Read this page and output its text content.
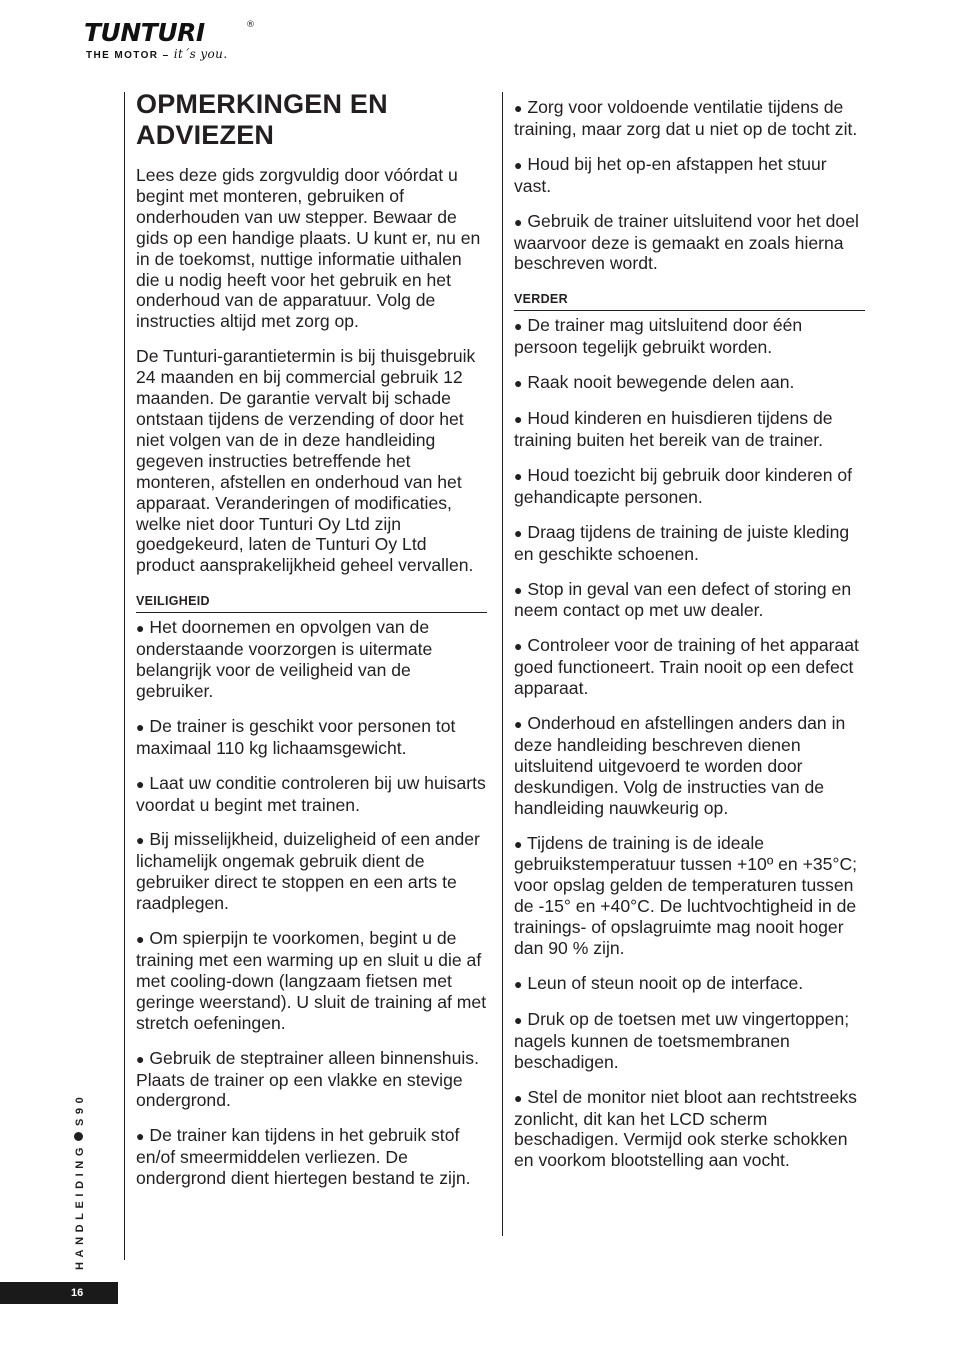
TUNTURI	®
THE MOTOR – it´s you.
OPMERKINGEN EN ADVIEZEN

Lees deze gids zorgvuldig door vóórdat u begint met monteren, gebruiken of onderhouden van uw stepper. Bewaar de gids op een handige plaats. U kunt er, nu en in de toekomst, nuttige informatie uithalen die u nodig heeft voor het gebruik en het onderhoud van de apparatuur. Volg de instructies altijd met zorg op.

De Tunturi-garantietermin is bij thuisgebruik 24 maanden en bij commercial gebruik 12 maanden. De garantie vervalt bij schade ontstaan tijdens de verzending of door het niet volgen van de in deze handleiding gegeven instructies betreffende het monteren, afstellen en onderhoud van het apparaat. Veranderingen of modificaties, welke niet door Tunturi Oy Ltd zijn goedgekeurd, laten de Tunturi Oy Ltd product aansprakelijkheid geheel vervallen.

VEILIGHEID

● Het doornemen en opvolgen van de onderstaande voorzorgen is uitermate belangrijk voor de veiligheid van de gebruiker.

● De trainer is geschikt voor personen tot maximaal 110 kg lichaamsgewicht.

● Laat uw conditie controleren bij uw huisarts voordat u begint met trainen.

● Bij misselijkheid, duizeligheid of een ander lichamelijk ongemak gebruik dient de gebruiker direct te stoppen en een arts te raadplegen.

● Om spierpijn te voorkomen, begint u de training met een warming up en sluit u die af met cooling-down (langzaam fietsen met geringe weerstand). U sluit de training af met stretch oefeningen.

● Gebruik de steptrainer alleen binnenshuis. Plaats de trainer op een vlakke en stevige ondergrond.

● De trainer kan tijdens in het gebruik stof en/of smeermiddelen verliezen. De ondergrond dient hiertegen bestand te zijn.

● Zorg voor voldoende ventilatie tijdens de training, maar zorg dat u niet op de tocht zit.

● Houd bij het op-en afstappen het stuur vast.

● Gebruik de trainer uitsluitend voor het doel waarvoor deze is gemaakt en zoals hierna beschreven wordt.

VERDER

● De trainer mag uitsluitend door één persoon tegelijk gebruikt worden.

● Raak nooit bewegende delen aan.

● Houd kinderen en huisdieren tijdens de training buiten het bereik van de trainer.

● Houd toezicht bij gebruik door kinderen of gehandicapte personen.

● Draag tijdens de training de juiste kleding en geschikte schoenen.

● Stop in geval van een defect of storing en neem contact op met uw dealer.

● Controleer voor de training of het apparaat goed functioneert. Train nooit op een defect apparaat.

● Onderhoud en afstellingen anders dan in deze handleiding beschreven dienen uitsluitend uitgevoerd te worden door deskundigen. Volg de instructies van de handleiding nauwkeurig op.

● Tijdens de training is de ideale gebruikstemperatuur tussen +10º en +35°C; voor opslag gelden de temperaturen tussen de -15° en +40°C. De luchtvochtigheid in de trainings- of opslagruimte mag nooit hoger dan 90 % zijn.

● Leun of steun nooit op de interface.

● Druk op de toetsen met uw vingertoppen; nagels kunnen de toetsmembranen beschadigen.

● Stel de monitor niet bloot aan rechtstreeks zonlicht, dit kan het LCD scherm beschadigen. Vermijd ook sterke schokken en voorkom blootstelling aan vocht.

HANDLEIDINGS90
16
